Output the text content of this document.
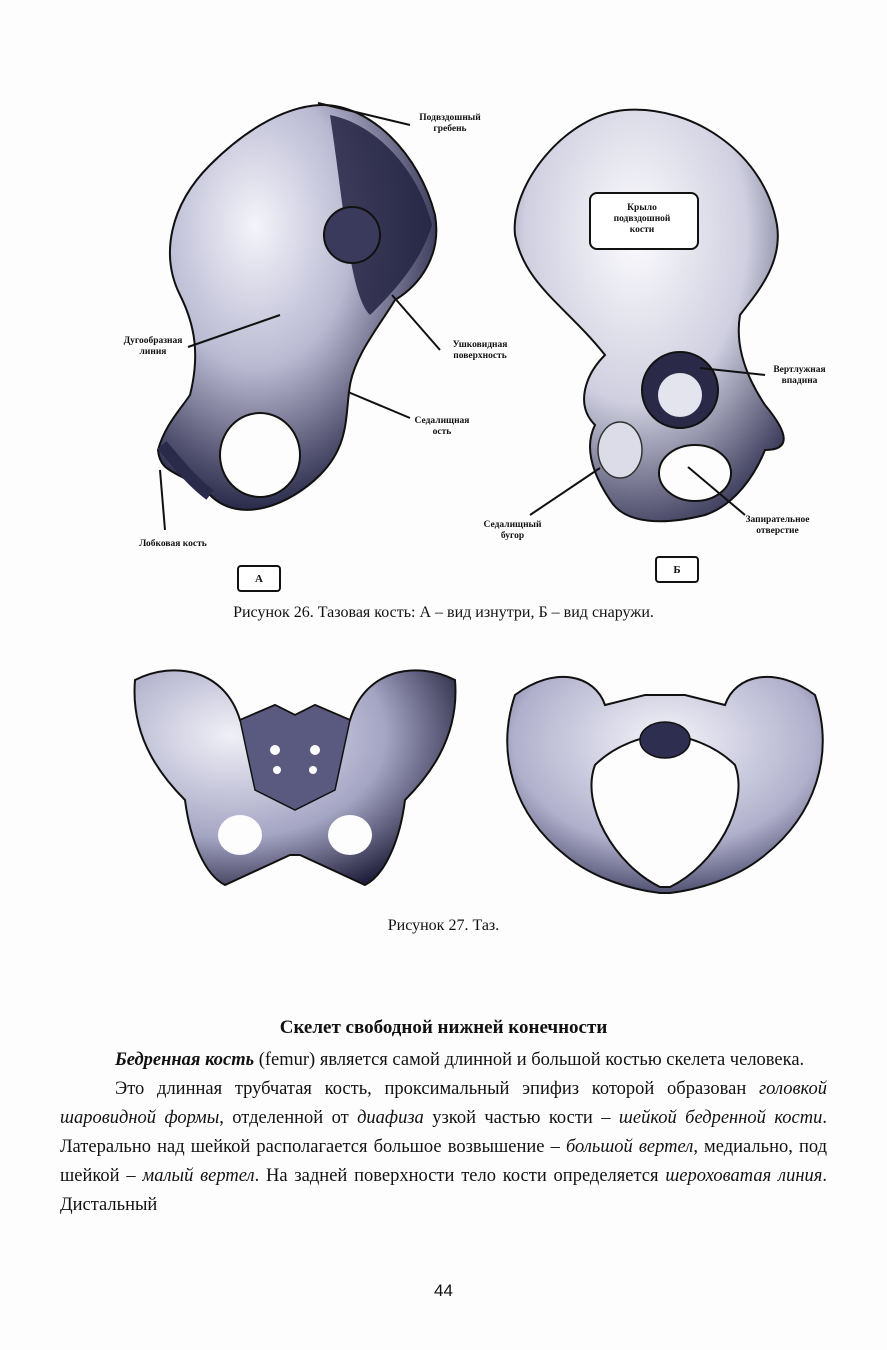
Подвздошный
гребень
Дугообразная
линия
Ушковидная
поверхность
Седалищная
ость
Лобковая кость
А
Крыло
подвздошной
кости
Вертлужная
впадина
Седалищный
бугор
Запирательное
отверстие
Б
Рисунок 26. Тазовая кость: А – вид изнутри, Б – вид снаружи.
Рисунок 27. Таз.
Скелет свободной нижней конечности

Бедренная кость (femur) является самой длинной и большой костью скелета человека.

Это длинная трубчатая кость, проксимальный эпифиз которой образован головкой шаровидной формы, отделенной от диафиза узкой частью кости – шейкой бедренной кости. Латерально над шейкой располагается большое возвышение – большой вертел, медиально, под шейкой – малый вертел. На задней поверхности тело кости определяется шероховатая линия. Дистальный

44
